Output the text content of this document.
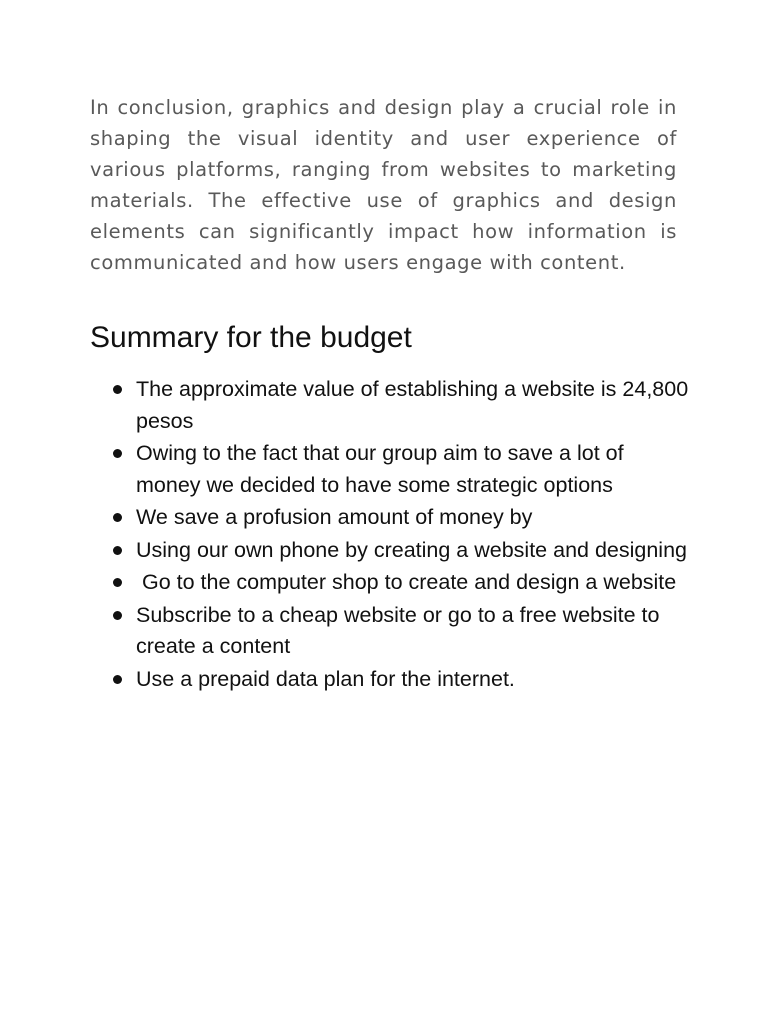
In conclusion, graphics and design play a crucial role in shaping the visual identity and user experience of various platforms, ranging from websites to marketing materials. The effective use of graphics and design elements can significantly impact how information is communicated and how users engage with content.

Summary for the budget
The approximate value of establishing a website is 24,800 pesos
Owing to the fact that our group aim to save a lot of money we decided to have some strategic options
We save a profusion amount of money by
Using our own phone by creating a website and designing
Go to the computer shop to create and design a website
Subscribe to a cheap website or go to a free website to create a content
Use a prepaid data plan for the internet.
